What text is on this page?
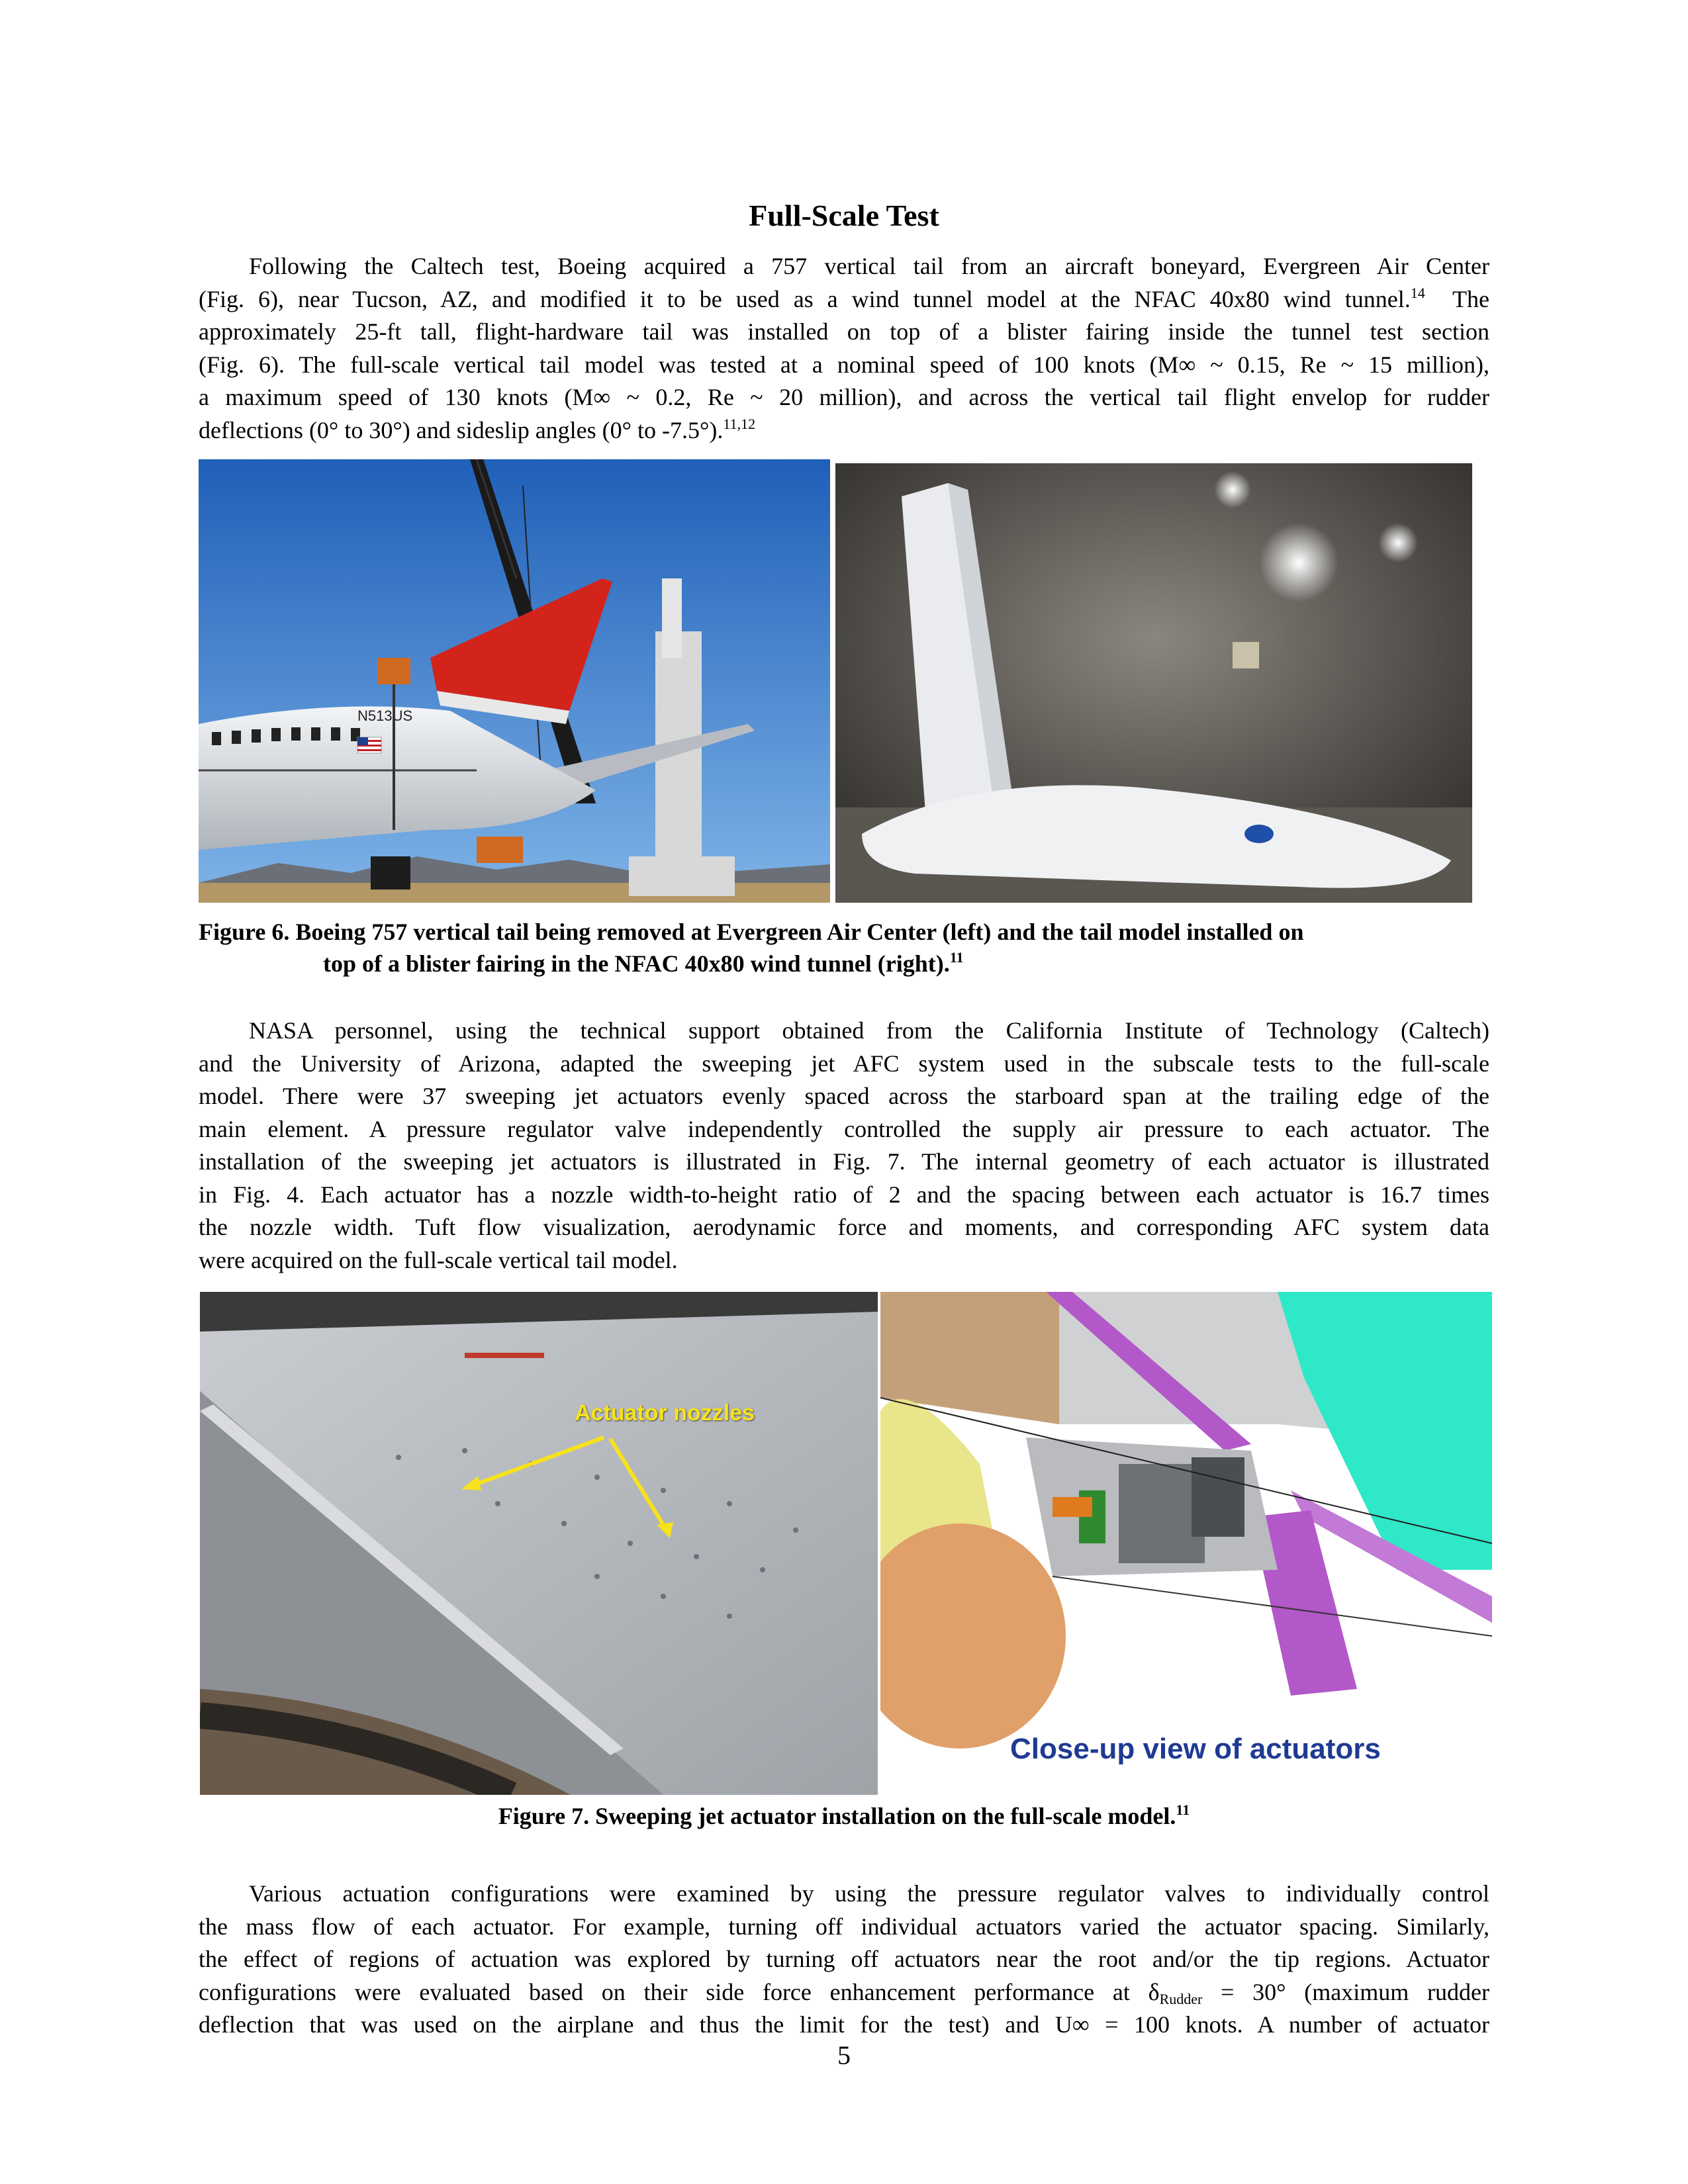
Full-Scale Test
Following the Caltech test, Boeing acquired a 757 vertical tail from an aircraft boneyard, Evergreen Air Center
(Fig. 6), near Tucson, AZ, and modified it to be used as a wind tunnel model at the NFAC 40x80 wind tunnel.$^{14}$  The
approximately 25-ft tall, flight-hardware tail was installed on top of a blister fairing inside the tunnel test section
(Fig. 6). The full-scale vertical tail model was tested at a nominal speed of 100 knots (M∞ ~ 0.15, Re ~ 15 million),
a maximum speed of 130 knots (M∞ ~ 0.2, Re ~ 20 million), and across the vertical tail flight envelop for rudder
deflections (0° to 30°) and sideslip angles (0° to -7.5°).$^{11,12}$
N513US
Figure 6. Boeing 757 vertical tail being removed at Evergreen Air Center (left) and the tail model installed on
top of a blister fairing in the NFAC 40x80 wind tunnel (right).$^{11}$
NASA personnel, using the technical support obtained from the California Institute of Technology (Caltech)
and the University of Arizona, adapted the sweeping jet AFC system used in the subscale tests to the full-scale
model. There were 37 sweeping jet actuators evenly spaced across the starboard span at the trailing edge of the
main element. A pressure regulator valve independently controlled the supply air pressure to each actuator. The
installation of the sweeping jet actuators is illustrated in Fig. 7. The internal geometry of each actuator is illustrated
in Fig. 4. Each actuator has a nozzle width-to-height ratio of 2 and the spacing between each actuator is 16.7 times
the nozzle width. Tuft flow visualization, aerodynamic force and moments, and corresponding AFC system data
were acquired on the full-scale vertical tail model.
Actuator nozzles
Close-up view of actuators
Figure 7. Sweeping jet actuator installation on the full-scale model.$^{11}$
Various actuation configurations were examined by using the pressure regulator valves to individually control
the mass flow of each actuator. For example, turning off individual actuators varied the actuator spacing. Similarly,
the effect of regions of actuation was explored by turning off actuators near the root and/or the tip regions. Actuator
configurations were evaluated based on their side force enhancement performance at $\delta_{Rudder} = 30^\circ$ (maximum rudder
deflection that was used on the airplane and thus the limit for the test) and U∞ = 100 knots. A number of actuator
5
